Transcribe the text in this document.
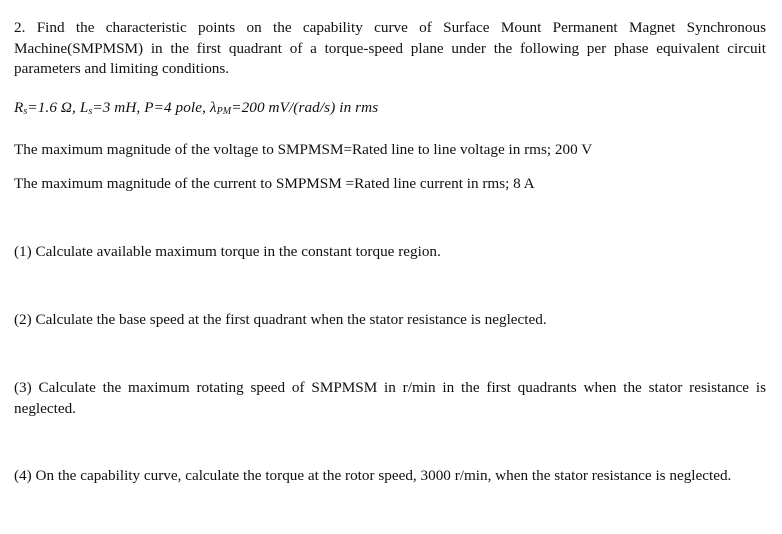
2. Find the characteristic points on the capability curve of Surface Mount Permanent Magnet Synchronous Machine(SMPMSM) in the first quadrant of a torque-speed plane under the following per phase equivalent circuit parameters and limiting conditions.

$R_s=1.6$ Ω, $L_s=3$ mH, P=4 pole, $\lambda_{PM}=200$ mV/(rad/s) in rms

The maximum magnitude of the voltage to SMPMSM=Rated line to line voltage in rms; 200 V

The maximum magnitude of the current to SMPMSM =Rated line current in rms; 8 A

(1) Calculate available maximum torque in the constant torque region.

(2) Calculate the base speed at the first quadrant when the stator resistance is neglected.

(3) Calculate the maximum rotating speed of SMPMSM in r/min in the first quadrants when the stator resistance is neglected.

(4) On the capability curve, calculate the torque at the rotor speed, 3000 r/min, when the stator resistance is neglected.
